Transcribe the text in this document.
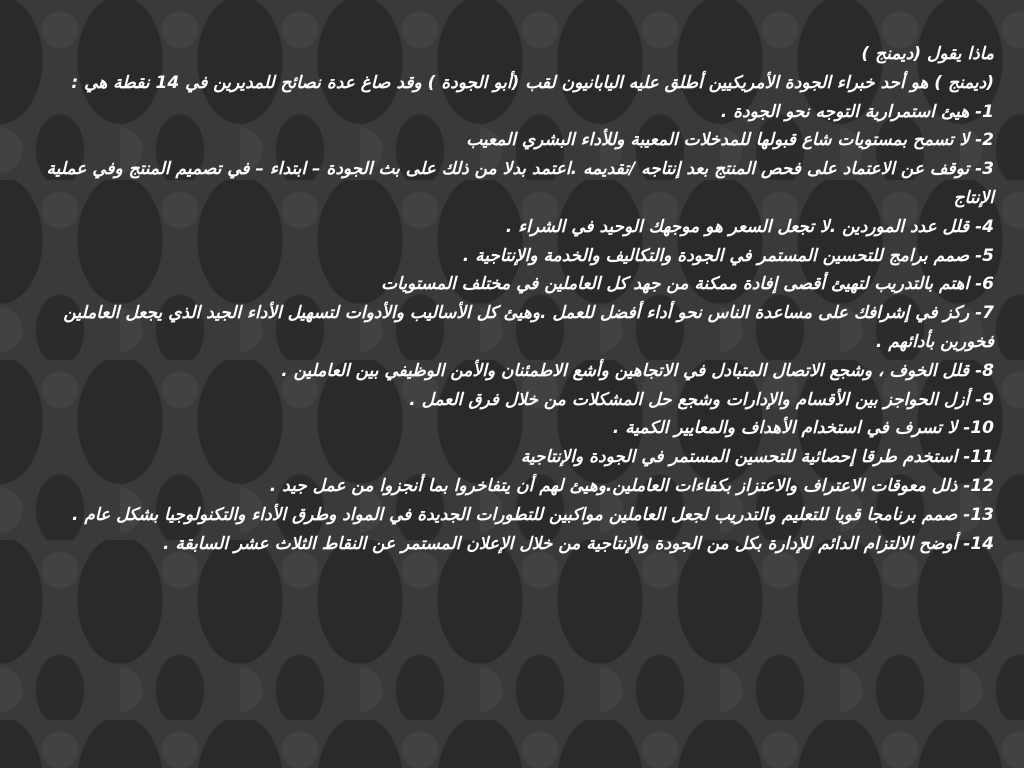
ماذا يقول (ديمنج )

(ديمنج ) هو أحد خبراء الجودة الأمريكيين أطلق عليه اليابانيون لقب (أبو الجودة ) وقد صاغ عدة نصائح للمديرين في 14 نقطة هي :

1- هيئ استمرارية التوجه نحو الجودة .

2- لا تسمح بمستويات شاع قبولها للمدخلات المعيبة وللأداء البشري المعيب

3- توقف عن الاعتماد على فحص المنتج بعد إنتاجه /تقديمه .اعتمد بدلا من ذلك على بث الجودة – ابتداء – في تصميم المنتج وفي عملية الإنتاج

4- قلل عدد الموردين .لا تجعل السعر هو موجهك الوحيد في الشراء .

5- صمم برامج للتحسين المستمر في الجودة والتكاليف والخدمة والإنتاجية .

6- اهتم بالتدريب لتهيئ أقصى إفادة ممكنة من جهد كل العاملين في مختلف المستويات

7- ركز في إشرافك على مساعدة الناس نحو أداء أفضل للعمل .وهيئ كل الأساليب والأدوات لتسهيل الأداء الجيد الذي يجعل العاملين فخورين بأدائهم .

8- قلل الخوف ، وشجع الاتصال المتبادل في الاتجاهين وأشع الاطمئنان والأمن الوظيفي بين العاملين .

9- أزل الحواجز بين الأقسام والإدارات وشجع حل المشكلات من خلال فرق العمل .

10- لا تسرف في استخدام الأهداف والمعايير الكمية .

11- استخدم طرقا إحصائية للتحسين المستمر في الجودة والإنتاجية

12- ذلل معوقات الاعتراف والاعتزاز بكفاءات العاملين.وهيئ لهم أن يتفاخروا بما أنجزوا من عمل جيد .

13- صمم برنامجا قويا للتعليم والتدريب لجعل العاملين مواكبين للتطورات الجديدة في المواد وطرق الأداء والتكنولوجيا بشكل عام .

14- أوضح الالتزام الدائم للإدارة بكل من الجودة والإنتاجية من خلال الإعلان المستمر عن النقاط الثلاث عشر السابقة .
